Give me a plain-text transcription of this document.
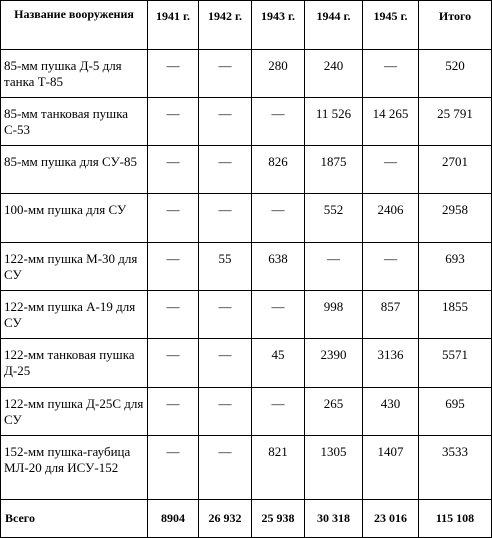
Название вооружения	1941 г.	1942 г.	1943 г.	1944 г.	1945 г.	Итого
85-мм пушка Д-5 для танка Т-85	—	—	280	240	—	520
85-мм танковая пушка С-53	—	—	—	11 526	14 265	25 791
85-мм пушка для СУ-85	—	—	826	1875	—	2701
100-мм пушка для СУ	—	—	—	552	2406	2958
122-мм пушка М-30 для СУ	—	55	638	—	—	693
122-мм пушка А-19 для СУ	—	—	—	998	857	1855
122-мм танковая пушка Д-25	—	—	45	2390	3136	5571
122-мм пушка Д-25С для СУ	—	—	—	265	430	695
152-мм пушка-гаубица МЛ-20 для ИСУ-152	—	—	821	1305	1407	3533
Всего	8904	26 932	25 938	30 318	23 016	115 108
